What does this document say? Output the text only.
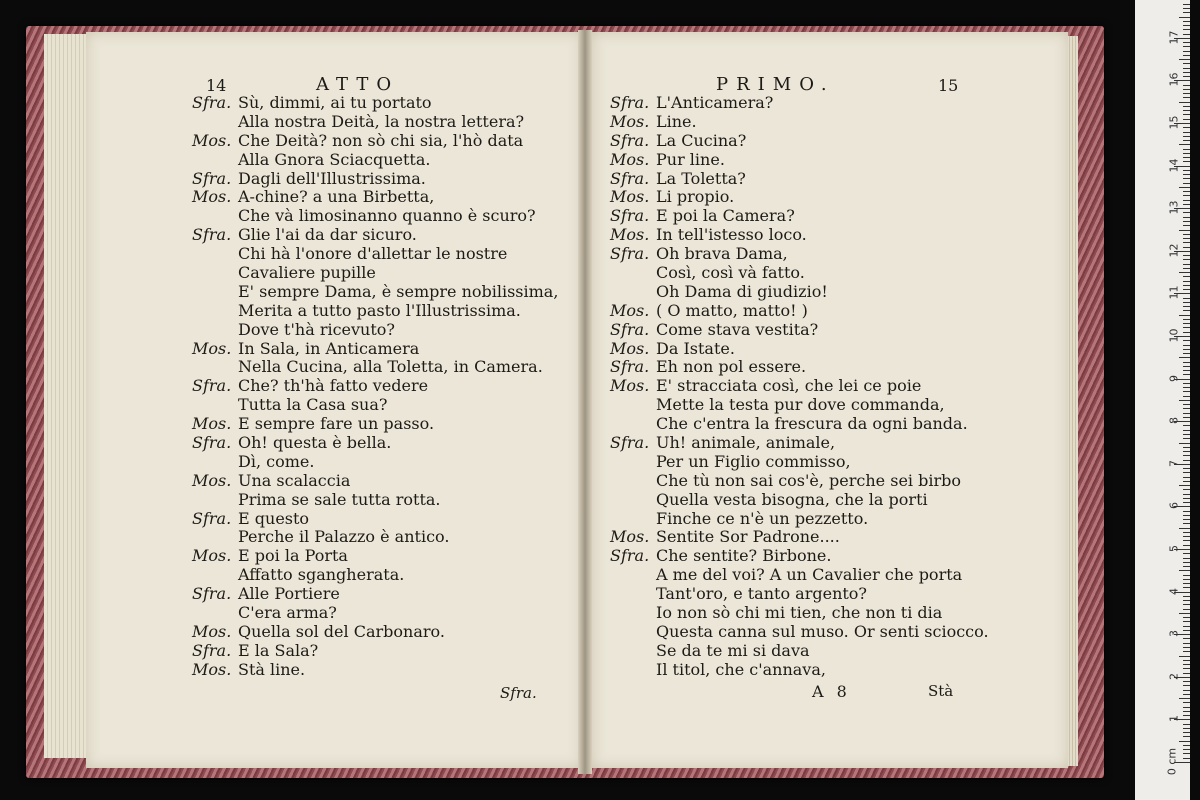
14	ATTO	PRIMO.	15
Sfra. Sù, dimmi, ai tu portato
Alla nostra Deità, la nostra lettera?
Mos. Che Deità? non sò chi sia, l'hò data
Alla Gnora Sciacquetta.
Sfra. Dagli dell'Illustrissima.
Mos. A-chine? a una Birbetta,
Che và limosinanno quanno è scuro?
Sfra. Glie l'ai da dar sicuro.
Chi hà l'onore d'allettar le nostre
Cavaliere pupille
E' sempre Dama, è sempre nobilissima,
Merita a tutto pasto l'Illustrissima.
Dove t'hà ricevuto?
Mos. In Sala, in Anticamera
Nella Cucina, alla Toletta, in Camera.
Sfra. Che? th'hà fatto vedere
Tutta la Casa sua?
Mos. E sempre fare un passo.
Sfra. Oh! questa è bella.
Dì, come.
Mos. Una scalaccia
Prima se sale tutta rotta.
Sfra. E questo
Perche il Palazzo è antico.
Mos. E poi la Porta
Affatto sgangherata.
Sfra. Alle Portiere
C'era arma?
Mos. Quella sol del Carbonaro.
Sfra. E la Sala?
Mos. Stà line.
Sfra. L'Anticamera?
Mos. Line.
Sfra. La Cucina?
Mos. Pur line.
Sfra. La Toletta?
Mos. Li propio.
Sfra. E poi la Camera?
Mos. In tell'istesso loco.
Sfra. Oh brava Dama,
Così, così và fatto.
Oh Dama di giudizio!
Mos. ( O matto, matto! )
Sfra. Come stava vestita?
Mos. Da Istate.
Sfra. Eh non pol essere.
Mos. E' stracciata così, che lei ce poie
Mette la testa pur dove commanda,
Che c'entra la frescura da ogni banda.
Sfra. Uh! animale, animale,
Per un Figlio commisso,
Che tù non sai cos'è, perche sei birbo
Quella vesta bisogna, che la porti
Finche ce n'è un pezzetto.
Mos. Sentite Sor Padrone....
Sfra. Che sentite? Birbone.
A me del voi? A un Cavalier che porta
Tant'oro, e tanto argento?
Io non sò chi mi tien, che non ti dia
Questa canna sul muso. Or senti sciocco.
Se da te mi si dava
Il titol, che c'annava,
Sfra.	A 8	Stà
0 cm
1
2
3
4
5
6
7
8
9
10
11
12
13
14
15
16
17
